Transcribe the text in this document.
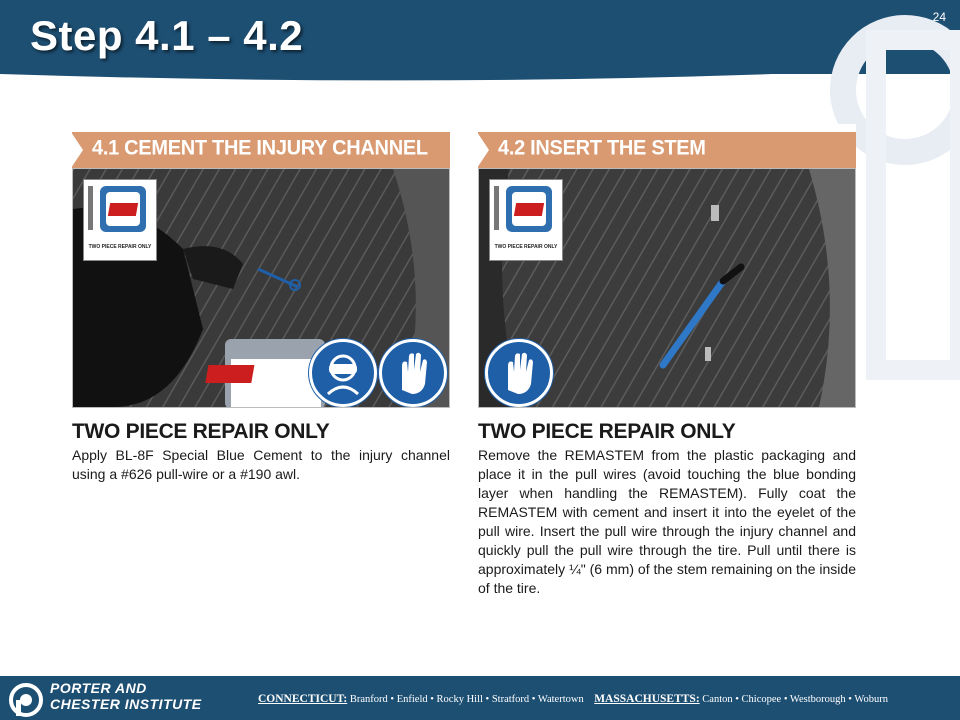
Step 4.1 – 4.2	24
4.1 CEMENT THE INJURY CHANNEL
TWO PIECE REPAIR ONLY

TWO PIECE REPAIR ONLY

Apply BL-8F Special Blue Cement to the injury channel using a #626 pull-wire or a #190 awl.

4.2 INSERT THE STEM
TWO PIECE REPAIR ONLY

TWO PIECE REPAIR ONLY

Remove the REMASTEM from the plastic packaging and place it in the pull wires (avoid touching the blue bonding layer when handling the REMASTEM). Fully coat the REMASTEM with cement and insert it into the eyelet of the pull wire. Insert the pull wire through the injury channel and quickly pull the pull wire through the tire. Pull until there is approximately ¼" (6 mm) of the stem remaining on the inside of the tire.

PORTER AND
CHESTER INSTITUTE	CONNECTICUT: Branford • Enfield • Rocky Hill • Stratford • Watertown MASSACHUSETTS: Canton • Chicopee • Westborough • Woburn
